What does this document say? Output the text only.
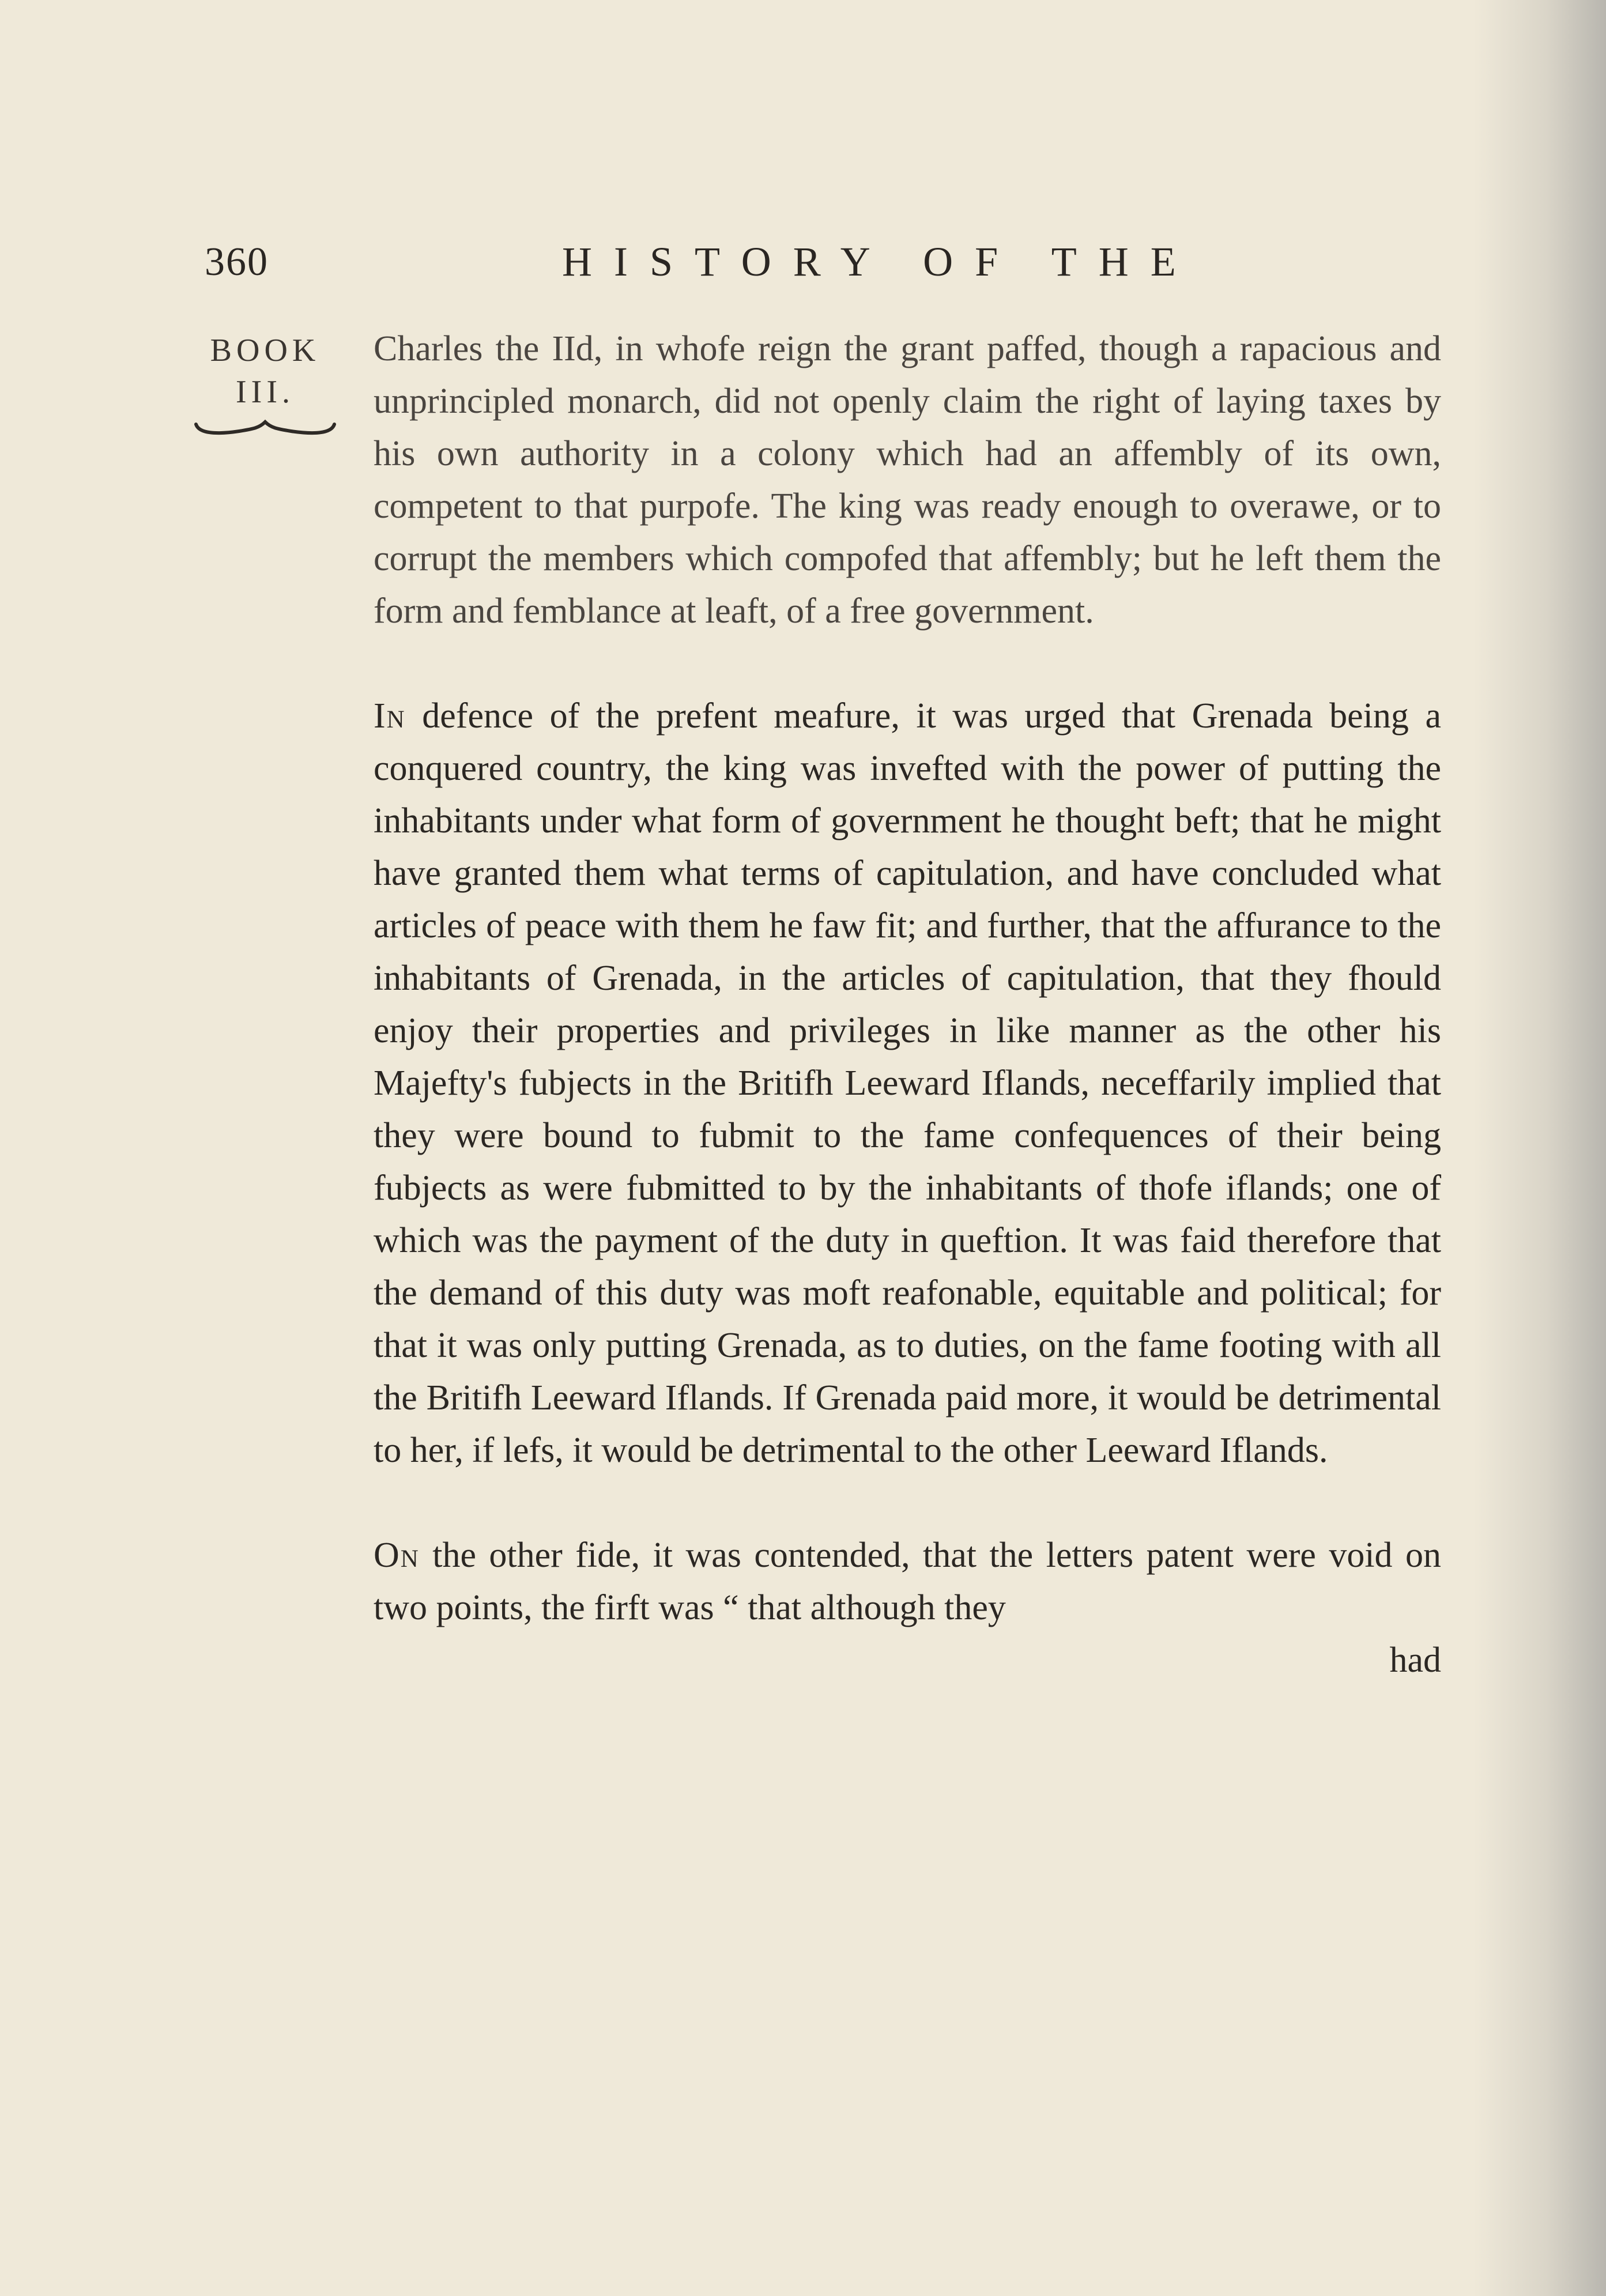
360	HISTORY OF THE
BOOK
III.

Charles the IId, in whofe reign the grant paffed, though a rapacious and unprincipled monarch, did not openly claim the right of laying taxes by his own authority in a colony which had an affembly of its own, competent to that purpofe. The king was ready enough to overawe, or to corrupt the members which compofed that affembly; but he left them the form and femblance at leaft, of a free government.

In defence of the prefent meafure, it was urged that Grenada being a conquered country, the king was invefted with the power of putting the inhabitants under what form of government he thought beft; that he might have granted them what terms of capitulation, and have concluded what articles of peace with them he faw fit; and further, that the affurance to the inhabitants of Grenada, in the articles of capitulation, that they fhould enjoy their properties and privileges in like manner as the other his Majefty's fubjects in the Britifh Leeward Iflands, neceffarily implied that they were bound to fubmit to the fame confequences of their being fubjects as were fubmitted to by the inhabitants of thofe iflands; one of which was the payment of the duty in queftion. It was faid therefore that the demand of this duty was moft reafonable, equitable and political; for that it was only putting Grenada, as to duties, on the fame footing with all the Britifh Leeward Iflands. If Grenada paid more, it would be detrimental to her, if lefs, it would be detrimental to the other Leeward Iflands.

On the other fide, it was contended, that the letters patent were void on two points, the firft was “ that although they

had
